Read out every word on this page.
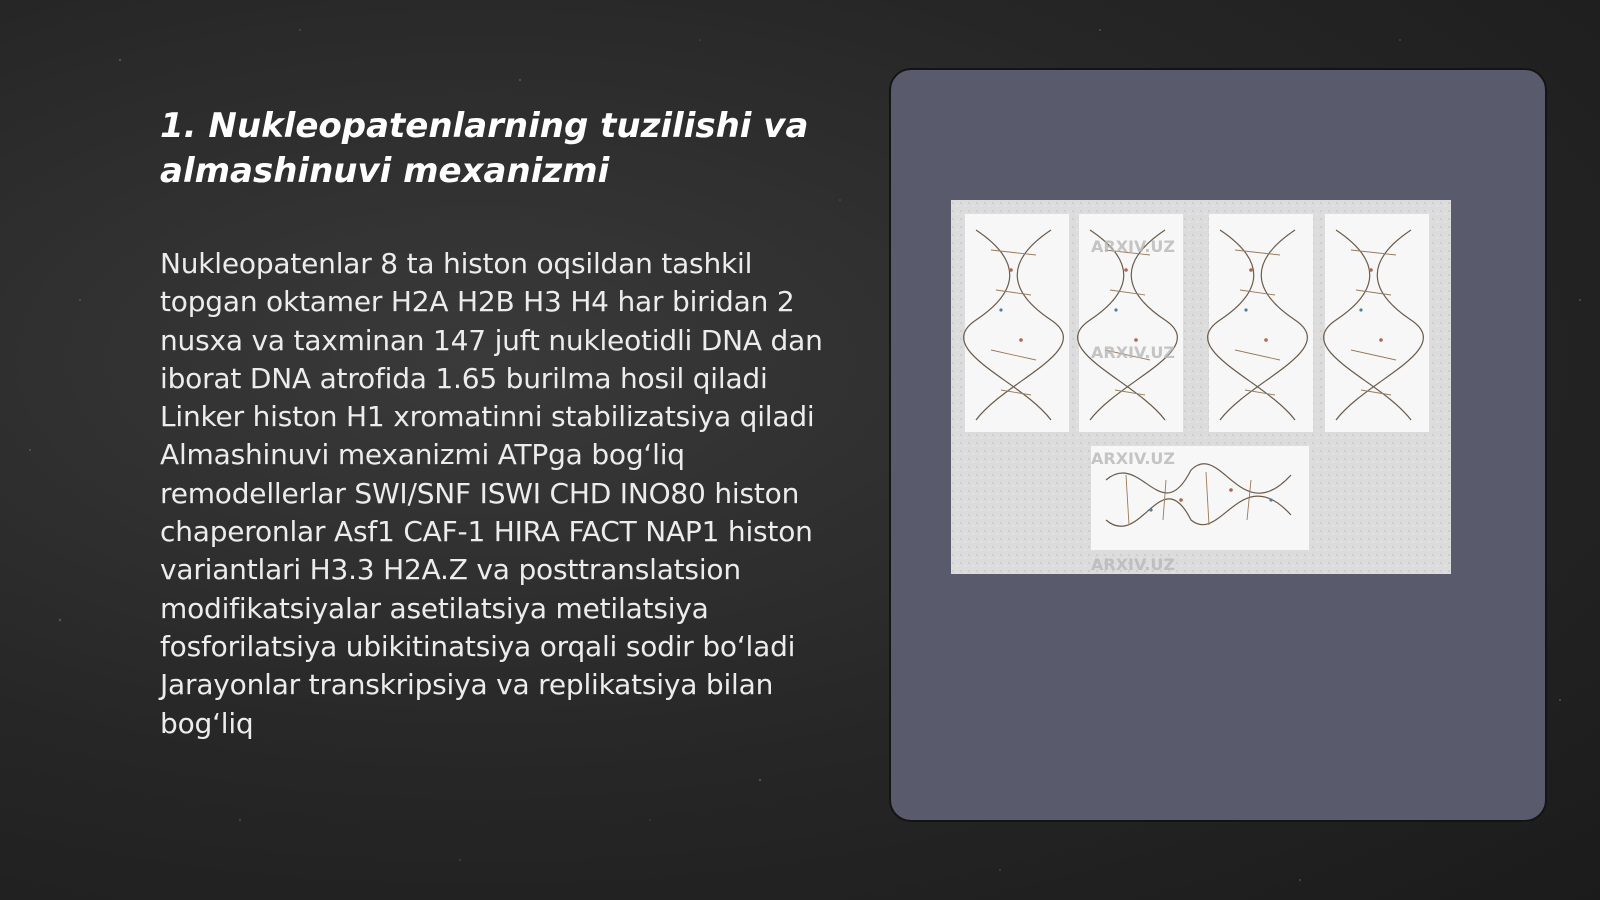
1. Nukleopatenlarning tuzilishi va almashinuvi mexanizmi

Nukleopatenlar 8 ta histon oqsildan tashkil topgan oktamer H2A H2B H3 H4 har biridan 2 nusxa va taxminan 147 juft nukleotidli DNA dan iborat DNA atrofida 1.65 burilma hosil qiladi Linker histon H1 xromatinni stabilizatsiya qiladi Almashinuvi mexanizmi ATPga bog‘liq remodellerlar SWI/SNF ISWI CHD INO80 histon chaperonlar Asf1 CAF-1 HIRA FACT NAP1 histon variantlari H3.3 H2A.Z va posttranslatsion modifikatsiyalar asetilatsiya metilatsiya fosforilatsiya ubikitinatsiya orqali sodir bo‘ladi Jarayonlar transkripsiya va replikatsiya bilan bog‘liq

ARXIV.UZ
ARXIV.UZ
ARXIV.UZ
ARXIV.UZ
